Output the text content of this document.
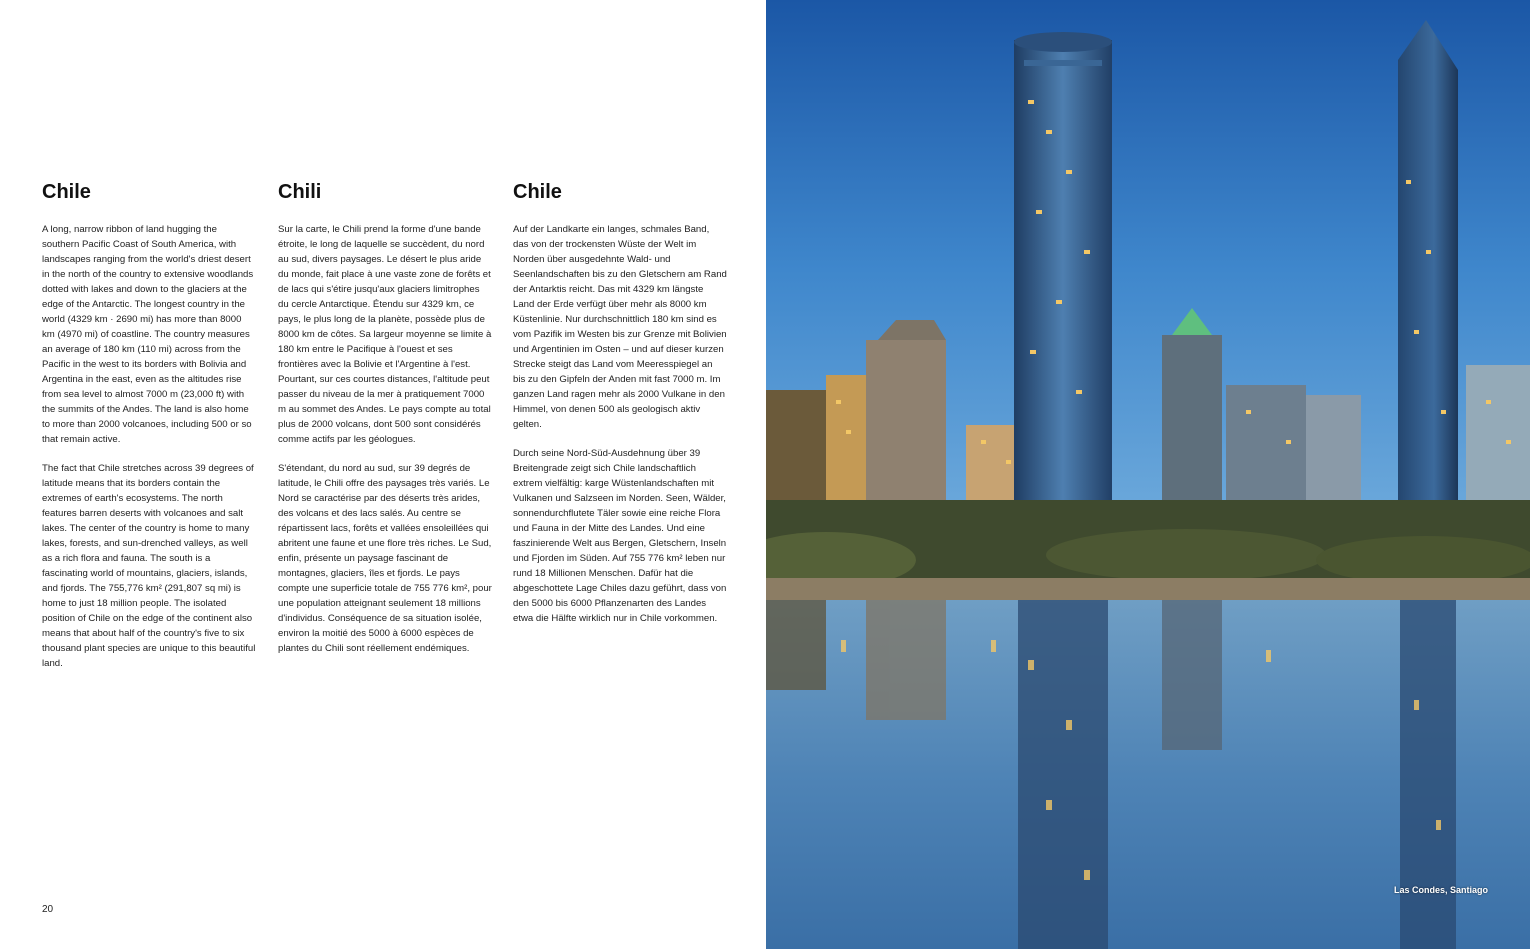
Chile

A long, narrow ribbon of land hugging the southern Pacific Coast of South America, with landscapes ranging from the world's driest desert in the north of the country to extensive woodlands dotted with lakes and down to the glaciers at the edge of the Antarctic. The longest country in the world (4329 km · 2690 mi) has more than 8000 km (4970 mi) of coastline. The country measures an average of 180 km (110 mi) across from the Pacific in the west to its borders with Bolivia and Argentina in the east, even as the altitudes rise from sea level to almost 7000 m (23,000 ft) with the summits of the Andes. The land is also home to more than 2000 volcanoes, including 500 or so that remain active.

The fact that Chile stretches across 39 degrees of latitude means that its borders contain the extremes of earth's ecosystems. The north features barren deserts with volcanoes and salt lakes. The center of the country is home to many lakes, forests, and sun-drenched valleys, as well as a rich flora and fauna. The south is a fascinating world of mountains, glaciers, islands, and fjords. The 755,776 km² (291,807 sq mi) is home to just 18 million people. The isolated position of Chile on the edge of the continent also means that about half of the country's five to six thousand plant species are unique to this beautiful land.

Chili

Sur la carte, le Chili prend la forme d'une bande étroite, le long de laquelle se succèdent, du nord au sud, divers paysages. Le désert le plus aride du monde, fait place à une vaste zone de forêts et de lacs qui s'étire jusqu'aux glaciers limitrophes du cercle Antarctique. Étendu sur 4329 km, ce pays, le plus long de la planète, possède plus de 8000 km de côtes. Sa largeur moyenne se limite à 180 km entre le Pacifique à l'ouest et ses frontières avec la Bolivie et l'Argentine à l'est. Pourtant, sur ces courtes distances, l'altitude peut passer du niveau de la mer à pratiquement 7000 m au sommet des Andes. Le pays compte au total plus de 2000 volcans, dont 500 sont considérés comme actifs par les géologues.

S'étendant, du nord au sud, sur 39 degrés de latitude, le Chili offre des paysages très variés. Le Nord se caractérise par des déserts très arides, des volcans et des lacs salés. Au centre se répartissent lacs, forêts et vallées ensoleillées qui abritent une faune et une flore très riches. Le Sud, enfin, présente un paysage fascinant de montagnes, glaciers, îles et fjords. Le pays compte une superficie totale de 755 776 km², pour une population atteignant seulement 18 millions d'individus. Conséquence de sa situation isolée, environ la moitié des 5000 à 6000 espèces de plantes du Chili sont réellement endémiques.

Chile

Auf der Landkarte ein langes, schmales Band, das von der trockensten Wüste der Welt im Norden über ausgedehnte Wald- und Seenlandschaften bis zu den Gletschern am Rand der Antarktis reicht. Das mit 4329 km längste Land der Erde verfügt über mehr als 8000 km Küstenlinie. Nur durchschnittlich 180 km sind es vom Pazifik im Westen bis zur Grenze mit Bolivien und Argentinien im Osten – und auf dieser kurzen Strecke steigt das Land vom Meeresspiegel an bis zu den Gipfeln der Anden mit fast 7000 m. Im ganzen Land ragen mehr als 2000 Vulkane in den Himmel, von denen 500 als geologisch aktiv gelten.

Durch seine Nord-Süd-Ausdehnung über 39 Breitengrade zeigt sich Chile landschaftlich extrem vielfältig: karge Wüstenlandschaften mit Vulkanen und Salzseen im Norden. Seen, Wälder, sonnendurchflutete Täler sowie eine reiche Flora und Fauna in der Mitte des Landes. Und eine faszinierende Welt aus Bergen, Gletschern, Inseln und Fjorden im Süden. Auf 755 776 km² leben nur rund 18 Millionen Menschen. Dafür hat die abgeschottete Lage Chiles dazu geführt, dass von den 5000 bis 6000 Pflanzenarten des Landes etwa die Hälfte wirklich nur in Chile vorkommen.

20
Las Condes, Santiago
